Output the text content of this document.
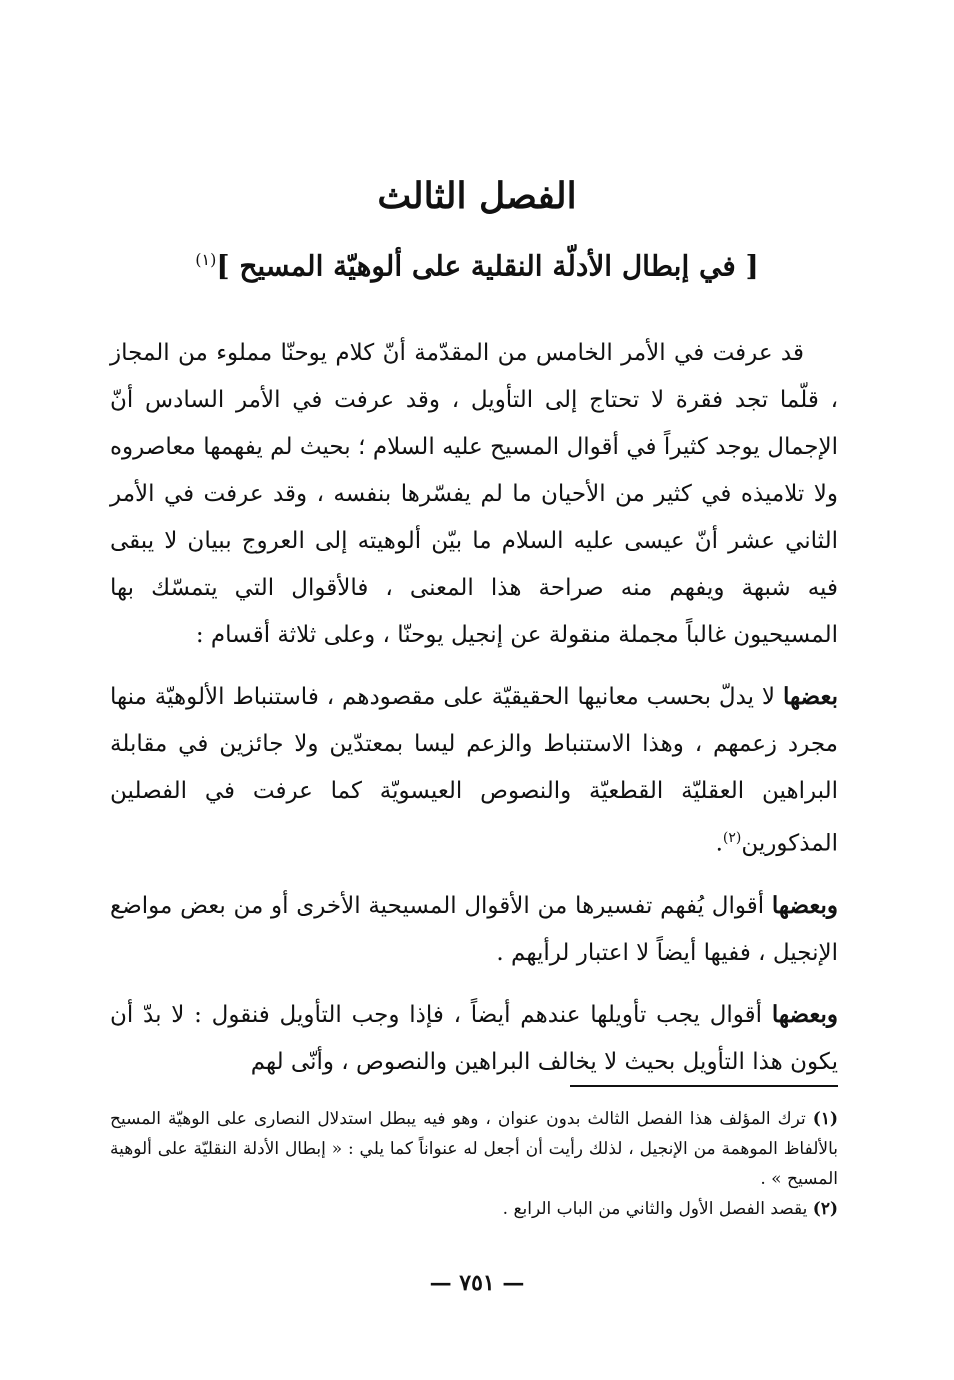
الفصل الثالث
[ في إبطال الأدلّة النقلية على ألوهيّة المسيح ]$^{(١)}$

قد عرفت في الأمر الخامس من المقدّمة أنّ كلام يوحنّا مملوء من المجاز ، قلّما تجد فقرة لا تحتاج إلى التأويل ، وقد عرفت في الأمر السادس أنّ الإجمال يوجد كثيراً في أقوال المسيح عليه السلام ؛ بحيث لم يفهمها معاصروه ولا تلاميذه في كثير من الأحيان ما لم يفسّرها بنفسه ، وقد عرفت في الأمر الثاني عشر أنّ عيسى عليه السلام ما بيّن ألوهيته إلى العروج ببيان لا يبقى فيه شبهة ويفهم منه صراحة هذا المعنى ، فالأقوال التي يتمسّك بها المسيحيون غالباً مجملة منقولة عن إنجيل يوحنّا ، وعلى ثلاثة أقسام :

بعضها لا يدلّ بحسب معانيها الحقيقيّة على مقصودهم ، فاستنباط الألوهيّة منها مجرد زعمهم ، وهذا الاستنباط والزعم ليسا بمعتدّين ولا جائزين في مقابلة البراهين العقليّة القطعيّة والنصوص العيسويّة كما عرفت في الفصلين المذكورين$^{(٢)}$.

وبعضها أقوال يُفهم تفسيرها من الأقوال المسيحية الأخرى أو من بعض مواضع الإنجيل ، ففيها أيضاً لا اعتبار لرأيهم .

وبعضها أقوال يجب تأويلها عندهم أيضاً ، فإذا وجب التأويل فنقول : لا بدّ أن يكون هذا التأويل بحيث لا يخالف البراهين والنصوص ، وأنّى لهم

(١) ترك المؤلف هذا الفصل الثالث بدون عنوان ، وهو فيه يبطل استدلال النصارى على الوهيّة المسيح بالألفاظ الموهمة من الإنجيل ، لذلك رأيت أن أجعل له عنواناً كما يلي : « إبطال الأدلة النقليّة على ألوهية المسيح » .

(٢) يقصد الفصل الأول والثاني من الباب الرابع .

— ٧٥١ —
